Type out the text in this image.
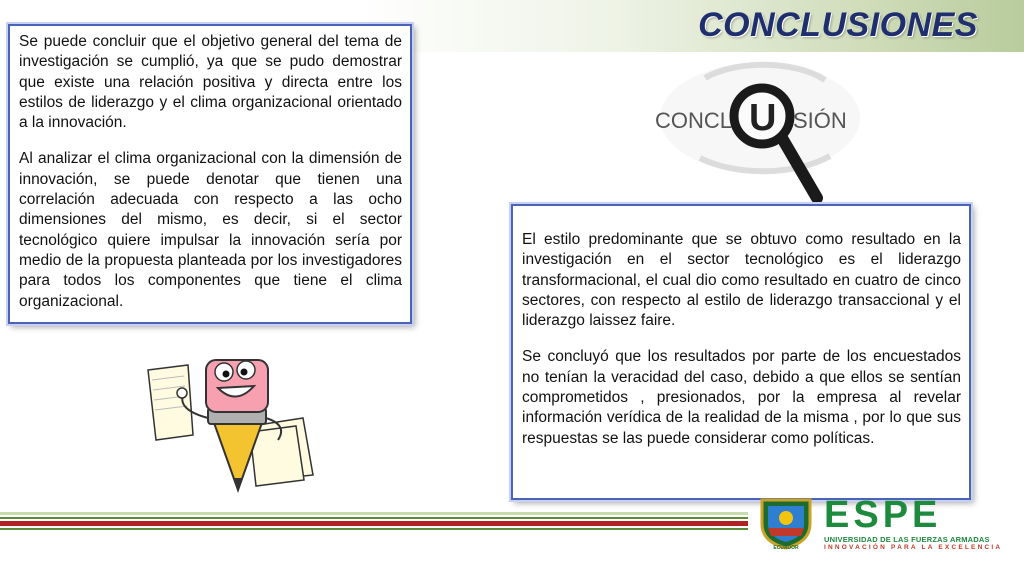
CONCLUSIONES

Se puede concluir que el objetivo general del tema de investigación se cumplió, ya que se pudo demostrar que existe una relación positiva y directa entre los estilos de liderazgo y el clima organizacional orientado a la innovación.

Al analizar el clima organizacional con la dimensión de innovación, se puede denotar que tienen una correlación adecuada con respecto a las ocho dimensiones del mismo, es decir, si el sector tecnológico quiere impulsar la innovación sería por medio de la propuesta planteada por los investigadores para todos los componentes que tiene el clima organizacional.

CONCL	SIÓN
U

El estilo predominante que se obtuvo como resultado en la investigación en el sector tecnológico es el liderazgo transformacional, el cual dio como resultado en cuatro de cinco sectores, con respecto al estilo de liderazgo transaccional y el liderazgo laissez faire.

Se concluyó que los resultados por parte de los encuestados no tenían la veracidad del caso, debido a que ellos se sentían comprometidos , presionados, por la empresa al revelar información verídica de la realidad de la misma , por lo que sus respuestas se las puede considerar como políticas.

ECUADOR
ESPE
UNIVERSIDAD DE LAS FUERZAS ARMADAS
INNOVACIÓN PARA LA EXCELENCIA
